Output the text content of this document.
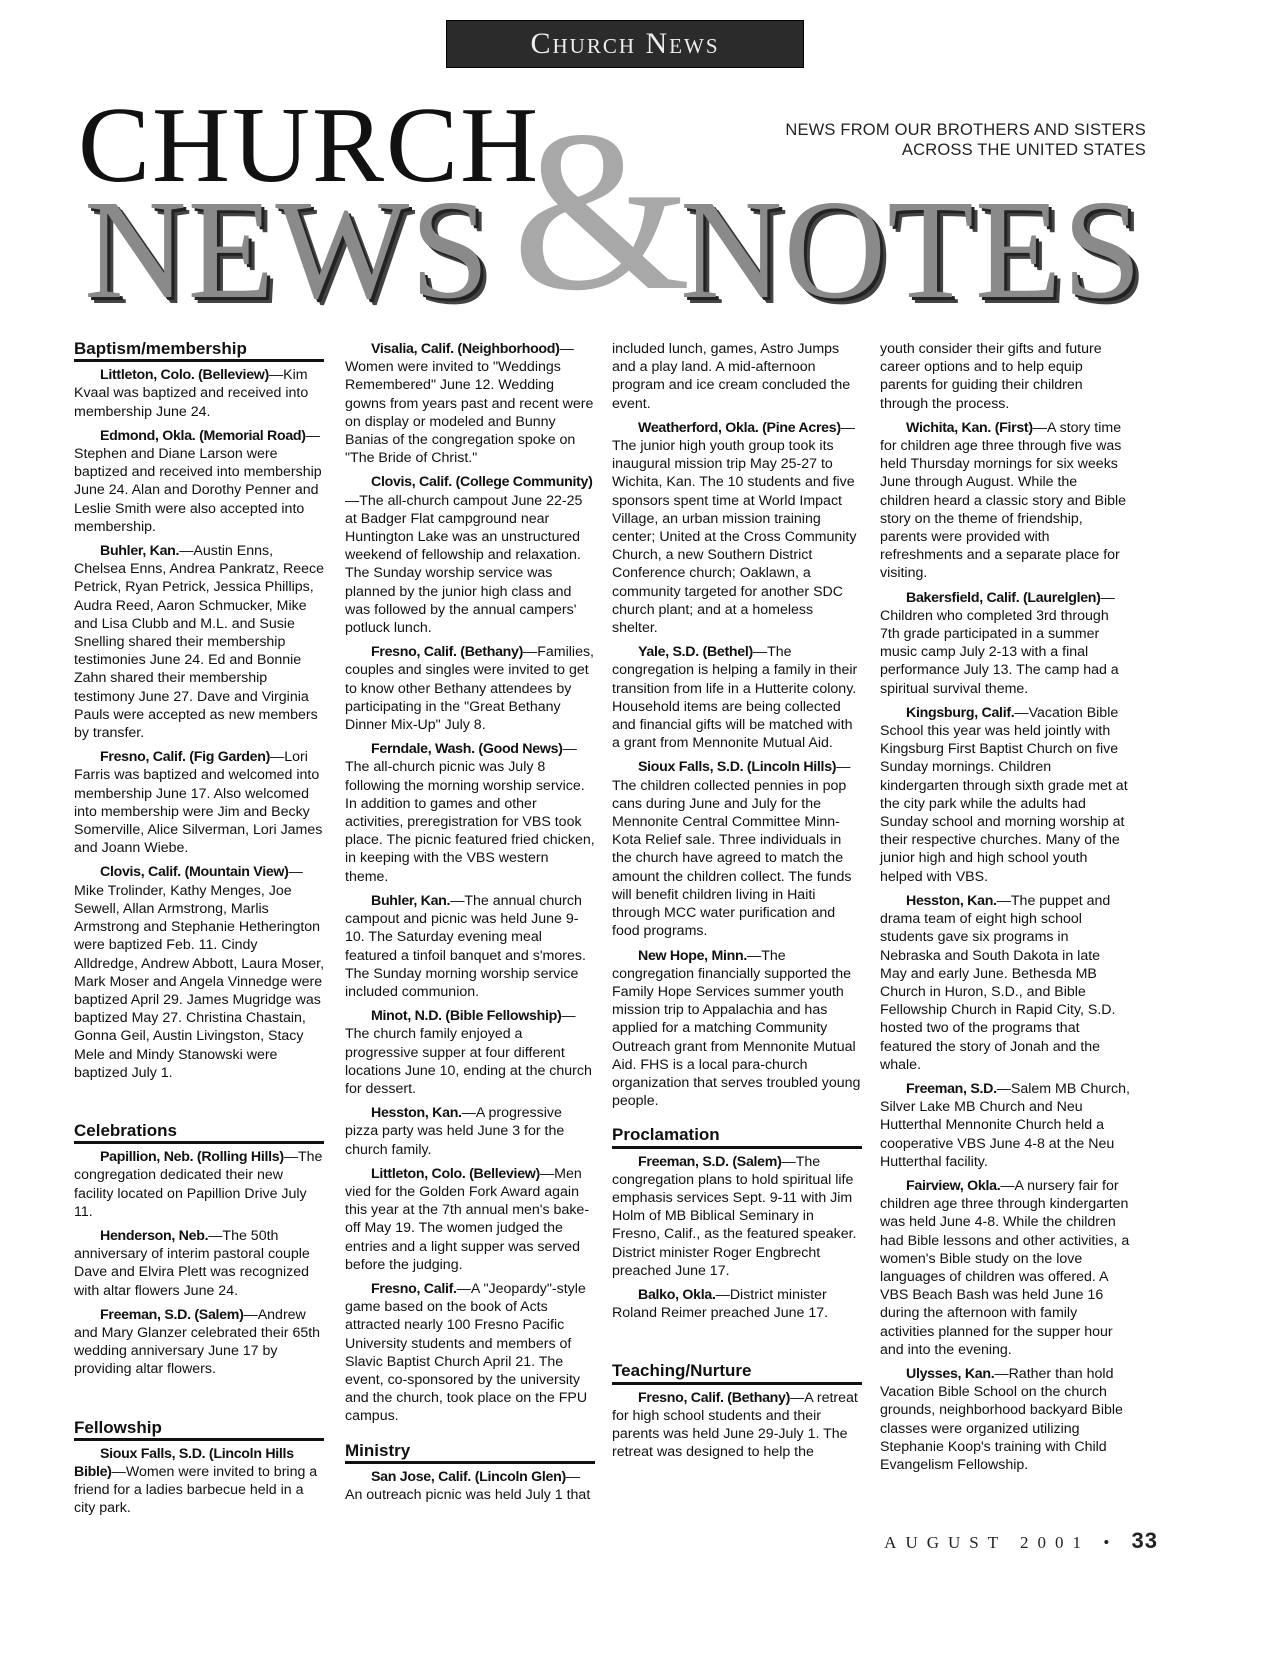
Church News
CHURCH
&
NEWS NOTES
NEWS FROM OUR BROTHERS AND SISTERS
ACROSS THE UNITED STATES
Baptism/membership

Littleton, Colo. (Belleview)—Kim Kvaal was baptized and received into membership June 24.

Edmond, Okla. (Memorial Road)—Stephen and Diane Larson were baptized and received into membership June 24. Alan and Dorothy Penner and Leslie Smith were also accepted into membership.

Buhler, Kan.—Austin Enns, Chelsea Enns, Andrea Pankratz, Reece Petrick, Ryan Petrick, Jessica Phillips, Audra Reed, Aaron Schmucker, Mike and Lisa Clubb and M.L. and Susie Snelling shared their membership testimonies June 24. Ed and Bonnie Zahn shared their membership testimony June 27. Dave and Virginia Pauls were accepted as new members by transfer.

Fresno, Calif. (Fig Garden)—Lori Farris was baptized and welcomed into membership June 17. Also welcomed into membership were Jim and Becky Somerville, Alice Silverman, Lori James and Joann Wiebe.

Clovis, Calif. (Mountain View)—Mike Trolinder, Kathy Menges, Joe Sewell, Allan Armstrong, Marlis Armstrong and Stephanie Hetherington were baptized Feb. 11. Cindy Alldredge, Andrew Abbott, Laura Moser, Mark Moser and Angela Vinnedge were baptized April 29. James Mugridge was baptized May 27. Christina Chastain, Gonna Geil, Austin Livingston, Stacy Mele and Mindy Stanowski were baptized July 1.

Celebrations

Papillion, Neb. (Rolling Hills)—The congregation dedicated their new facility located on Papillion Drive July 11.

Henderson, Neb.—The 50th anniversary of interim pastoral couple Dave and Elvira Plett was recognized with altar flowers June 24.

Freeman, S.D. (Salem)—Andrew and Mary Glanzer celebrated their 65th wedding anniversary June 17 by providing altar flowers.

Fellowship

Sioux Falls, S.D. (Lincoln Hills Bible)—Women were invited to bring a friend for a ladies barbecue held in a city park.

Visalia, Calif. (Neighborhood)—Women were invited to "Weddings Remembered" June 12. Wedding gowns from years past and recent were on display or modeled and Bunny Banias of the congregation spoke on "The Bride of Christ."

Clovis, Calif. (College Community)—The all-church campout June 22-25 at Badger Flat campground near Huntington Lake was an unstructured weekend of fellowship and relaxation. The Sunday worship service was planned by the junior high class and was followed by the annual campers' potluck lunch.

Fresno, Calif. (Bethany)—Families, couples and singles were invited to get to know other Bethany attendees by participating in the "Great Bethany Dinner Mix-Up" July 8.

Ferndale, Wash. (Good News)—The all-church picnic was July 8 following the morning worship service. In addition to games and other activities, preregistration for VBS took place. The picnic featured fried chicken, in keeping with the VBS western theme.

Buhler, Kan.—The annual church campout and picnic was held June 9-10. The Saturday evening meal featured a tinfoil banquet and s'mores. The Sunday morning worship service included communion.

Minot, N.D. (Bible Fellowship)—The church family enjoyed a progressive supper at four different locations June 10, ending at the church for dessert.

Hesston, Kan.—A progressive pizza party was held June 3 for the church family.

Littleton, Colo. (Belleview)—Men vied for the Golden Fork Award again this year at the 7th annual men's bake-off May 19. The women judged the entries and a light supper was served before the judging.

Fresno, Calif.—A "Jeopardy"-style game based on the book of Acts attracted nearly 100 Fresno Pacific University students and members of Slavic Baptist Church April 21. The event, co-sponsored by the university and the church, took place on the FPU campus.

Ministry

San Jose, Calif. (Lincoln Glen)—An outreach picnic was held July 1 that

included lunch, games, Astro Jumps and a play land. A mid-afternoon program and ice cream concluded the event.

Weatherford, Okla. (Pine Acres)—The junior high youth group took its inaugural mission trip May 25-27 to Wichita, Kan. The 10 students and five sponsors spent time at World Impact Village, an urban mission training center; United at the Cross Community Church, a new Southern District Conference church; Oaklawn, a community targeted for another SDC church plant; and at a homeless shelter.

Yale, S.D. (Bethel)—The congregation is helping a family in their transition from life in a Hutterite colony. Household items are being collected and financial gifts will be matched with a grant from Mennonite Mutual Aid.

Sioux Falls, S.D. (Lincoln Hills)—The children collected pennies in pop cans during June and July for the Mennonite Central Committee Minn-Kota Relief sale. Three individuals in the church have agreed to match the amount the children collect. The funds will benefit children living in Haiti through MCC water purification and food programs.

New Hope, Minn.—The congregation financially supported the Family Hope Services summer youth mission trip to Appalachia and has applied for a matching Community Outreach grant from Mennonite Mutual Aid. FHS is a local para-church organization that serves troubled young people.

Proclamation

Freeman, S.D. (Salem)—The congregation plans to hold spiritual life emphasis services Sept. 9-11 with Jim Holm of MB Biblical Seminary in Fresno, Calif., as the featured speaker. District minister Roger Engbrecht preached June 17.

Balko, Okla.—District minister Roland Reimer preached June 17.

Teaching/Nurture

Fresno, Calif. (Bethany)—A retreat for high school students and their parents was held June 29-July 1. The retreat was designed to help the

youth consider their gifts and future career options and to help equip parents for guiding their children through the process.

Wichita, Kan. (First)—A story time for children age three through five was held Thursday mornings for six weeks June through August. While the children heard a classic story and Bible story on the theme of friendship, parents were provided with refreshments and a separate place for visiting.

Bakersfield, Calif. (Laurelglen)—Children who completed 3rd through 7th grade participated in a summer music camp July 2-13 with a final performance July 13. The camp had a spiritual survival theme.

Kingsburg, Calif.—Vacation Bible School this year was held jointly with Kingsburg First Baptist Church on five Sunday mornings. Children kindergarten through sixth grade met at the city park while the adults had Sunday school and morning worship at their respective churches. Many of the junior high and high school youth helped with VBS.

Hesston, Kan.—The puppet and drama team of eight high school students gave six programs in Nebraska and South Dakota in late May and early June. Bethesda MB Church in Huron, S.D., and Bible Fellowship Church in Rapid City, S.D. hosted two of the programs that featured the story of Jonah and the whale.

Freeman, S.D.—Salem MB Church, Silver Lake MB Church and Neu Hutterthal Mennonite Church held a cooperative VBS June 4-8 at the Neu Hutterthal facility.

Fairview, Okla.—A nursery fair for children age three through kindergarten was held June 4-8. While the children had Bible lessons and other activities, a women's Bible study on the love languages of children was offered. A VBS Beach Bash was held June 16 during the afternoon with family activities planned for the supper hour and into the evening.

Ulysses, Kan.—Rather than hold Vacation Bible School on the church grounds, neighborhood backyard Bible classes were organized utilizing Stephanie Koop's training with Child Evangelism Fellowship.

AUGUST 2001 • 33
